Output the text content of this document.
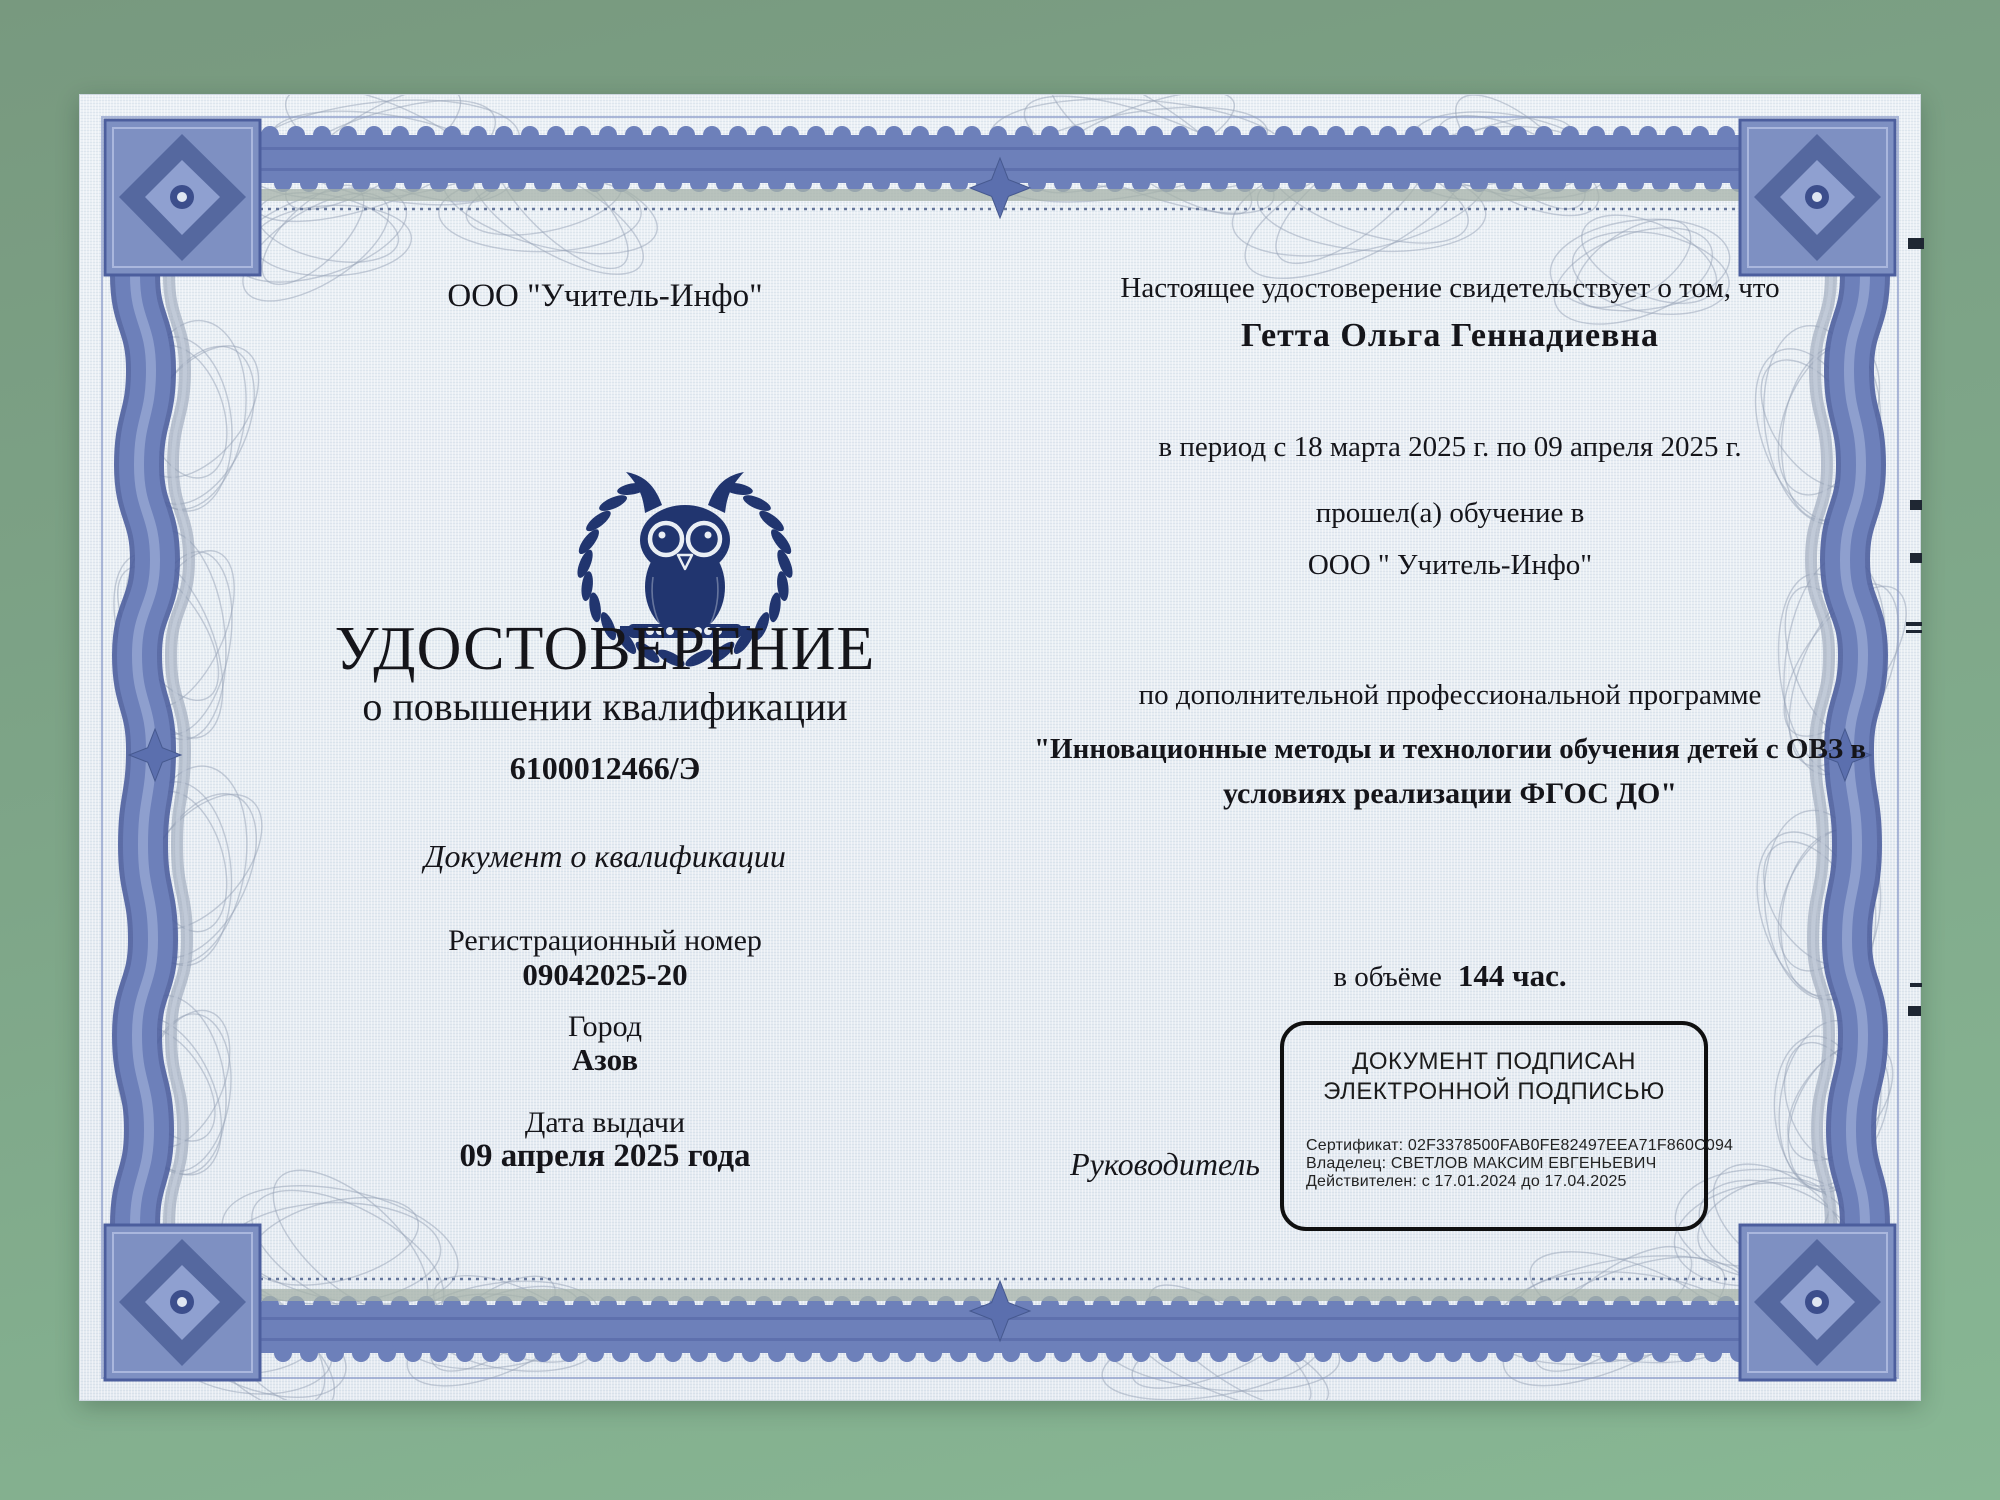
ООО "Учитель-Инфо"
УДОСТОВЕРЕНИЕ
о повышении квалификации
6100012466/Э
Документ о квалификации
Регистрационный номер
09042025-20
Город
Азов
Дата выдачи
09 апреля 2025 года
Настоящее удостоверение свидетельствует о том, что
Гетта Ольга Геннадиевна
в период с 18 марта 2025 г. по 09 апреля 2025 г.
прошел(а) обучение в
ООО " Учитель-Инфо"
по дополнительной профессиональной программе
"Инновационные методы и технологии обучения детей с ОВЗ в
условиях реализации ФГОС ДО"
в объёме 144 час.
Руководитель
ДОКУМЕНТ ПОДПИСАН
ЭЛЕКТРОННОЙ ПОДПИСЬЮ
Сертификат: 02F3378500FAB0FE82497EEA71F860C094
Владелец: СВЕТЛОВ МАКСИМ ЕВГЕНЬЕВИЧ
Действителен: с 17.01.2024 до 17.04.2025
